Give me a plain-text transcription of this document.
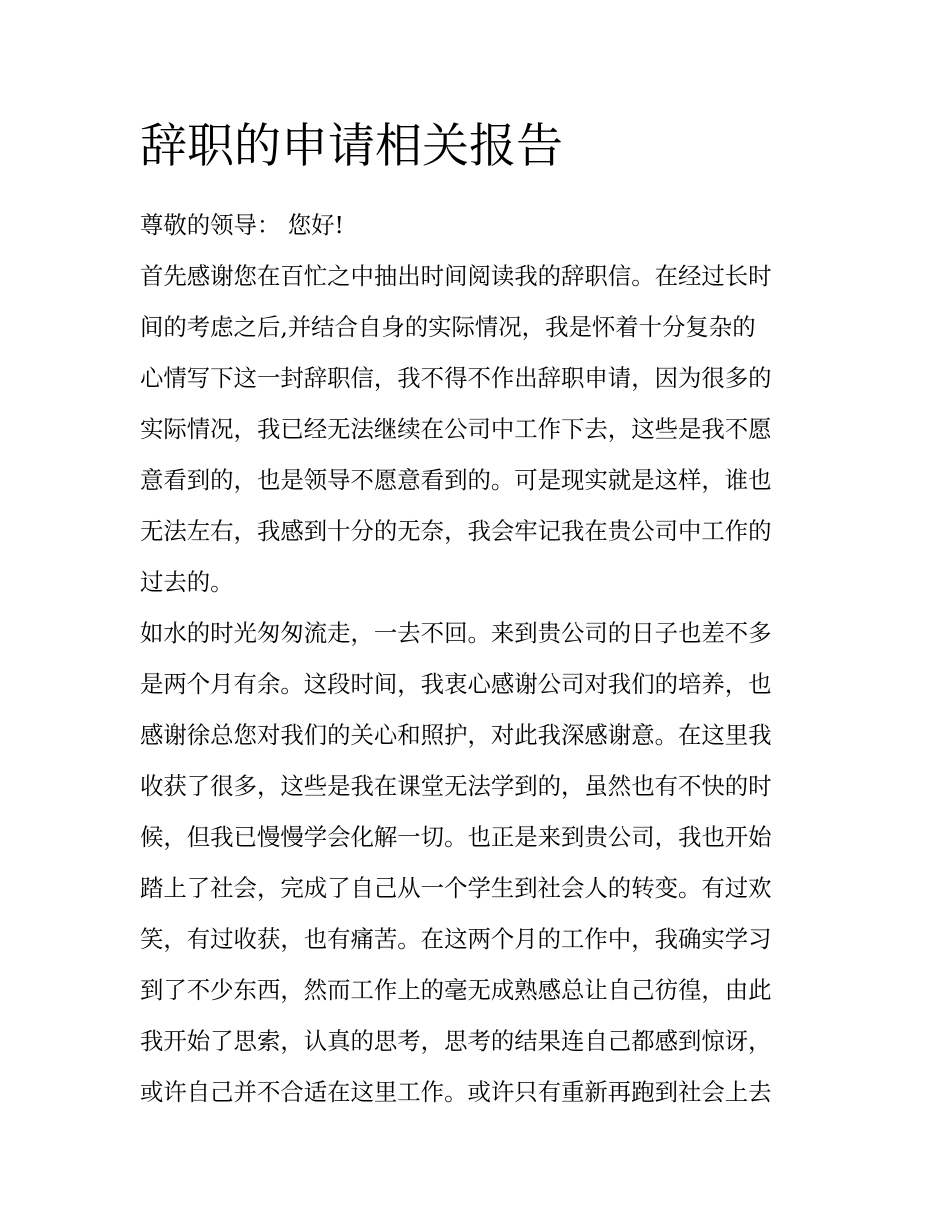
辞职的申请相关报告
尊敬的领导： 您好!
首先感谢您在百忙之中抽出时间阅读我的辞职信。在经过长时
间的考虑之后,并结合自身的实际情况，我是怀着十分复杂的
心情写下这一封辞职信，我不得不作出辞职申请，因为很多的
实际情况，我已经无法继续在公司中工作下去，这些是我不愿
意看到的，也是领导不愿意看到的。可是现实就是这样，谁也
无法左右，我感到十分的无奈，我会牢记我在贵公司中工作的
过去的。
如水的时光匆匆流走，一去不回。来到贵公司的日子也差不多
是两个月有余。这段时间，我衷心感谢公司对我们的培养，也
感谢徐总您对我们的关心和照护，对此我深感谢意。在这里我
收获了很多，这些是我在课堂无法学到的，虽然也有不快的时
候，但我已慢慢学会化解一切。也正是来到贵公司，我也开始
踏上了社会，完成了自己从一个学生到社会人的转变。有过欢
笑，有过收获，也有痛苦。在这两个月的工作中，我确实学习
到了不少东西，然而工作上的毫无成熟感总让自己彷徨，由此
我开始了思索，认真的思考，思考的结果连自己都感到惊讶，
或许自己并不合适在这里工作。或许只有重新再跑到社会上去
